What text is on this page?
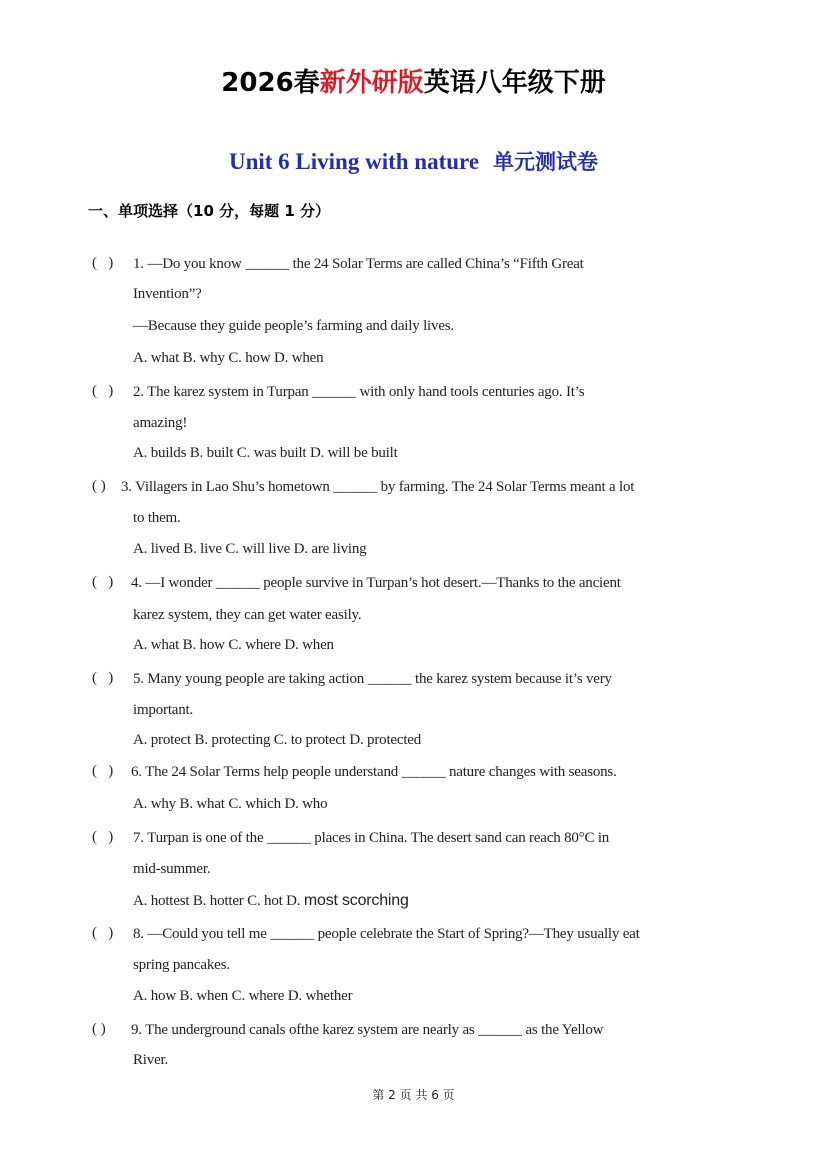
2026春新外研版英语八年级下册
Unit 6 Living with nature 单元测试卷
一、单项选择（10 分，每题 1 分）
(   ) 1. —Do you know ______ the 24 Solar Terms are called China’s “Fifth Great
Invention”?
—Because they guide people’s farming and daily lives.
A. what B. why C. how D. when
(   ) 2. The karez system in Turpan ______ with only hand tools centuries ago. It’s
amazing!
A. builds B. built C. was built D. will be built
( ) 3. Villagers in Lao Shu’s hometown ______ by farming. The 24 Solar Terms meant a lot
to them.
A. lived B. live C. will live D. are living
(   ) 4. —I wonder ______ people survive in Turpan’s hot desert.—Thanks to the ancient
karez system, they can get water easily.
A. what B. how C. where D. when
(   ) 5. Many young people are taking action ______ the karez system because it’s very
important.
A. protect B. protecting C. to protect D. protected
(   ) 6. The 24 Solar Terms help people understand ______ nature changes with seasons.
A. why B. what C. which D. who
(   ) 7. Turpan is one of the ______ places in China. The desert sand can reach 80°C in
mid-summer.
A. hottest B. hotter C. hot D. most scorching
(   ) 8. —Could you tell me ______ people celebrate the Start of Spring?—They usually eat
spring pancakes.
A. how B. when C. where D. whether
( ) 9. The underground canals ofthe karez system are nearly as ______ as the Yellow
River.
第 2 页 共 6 页
